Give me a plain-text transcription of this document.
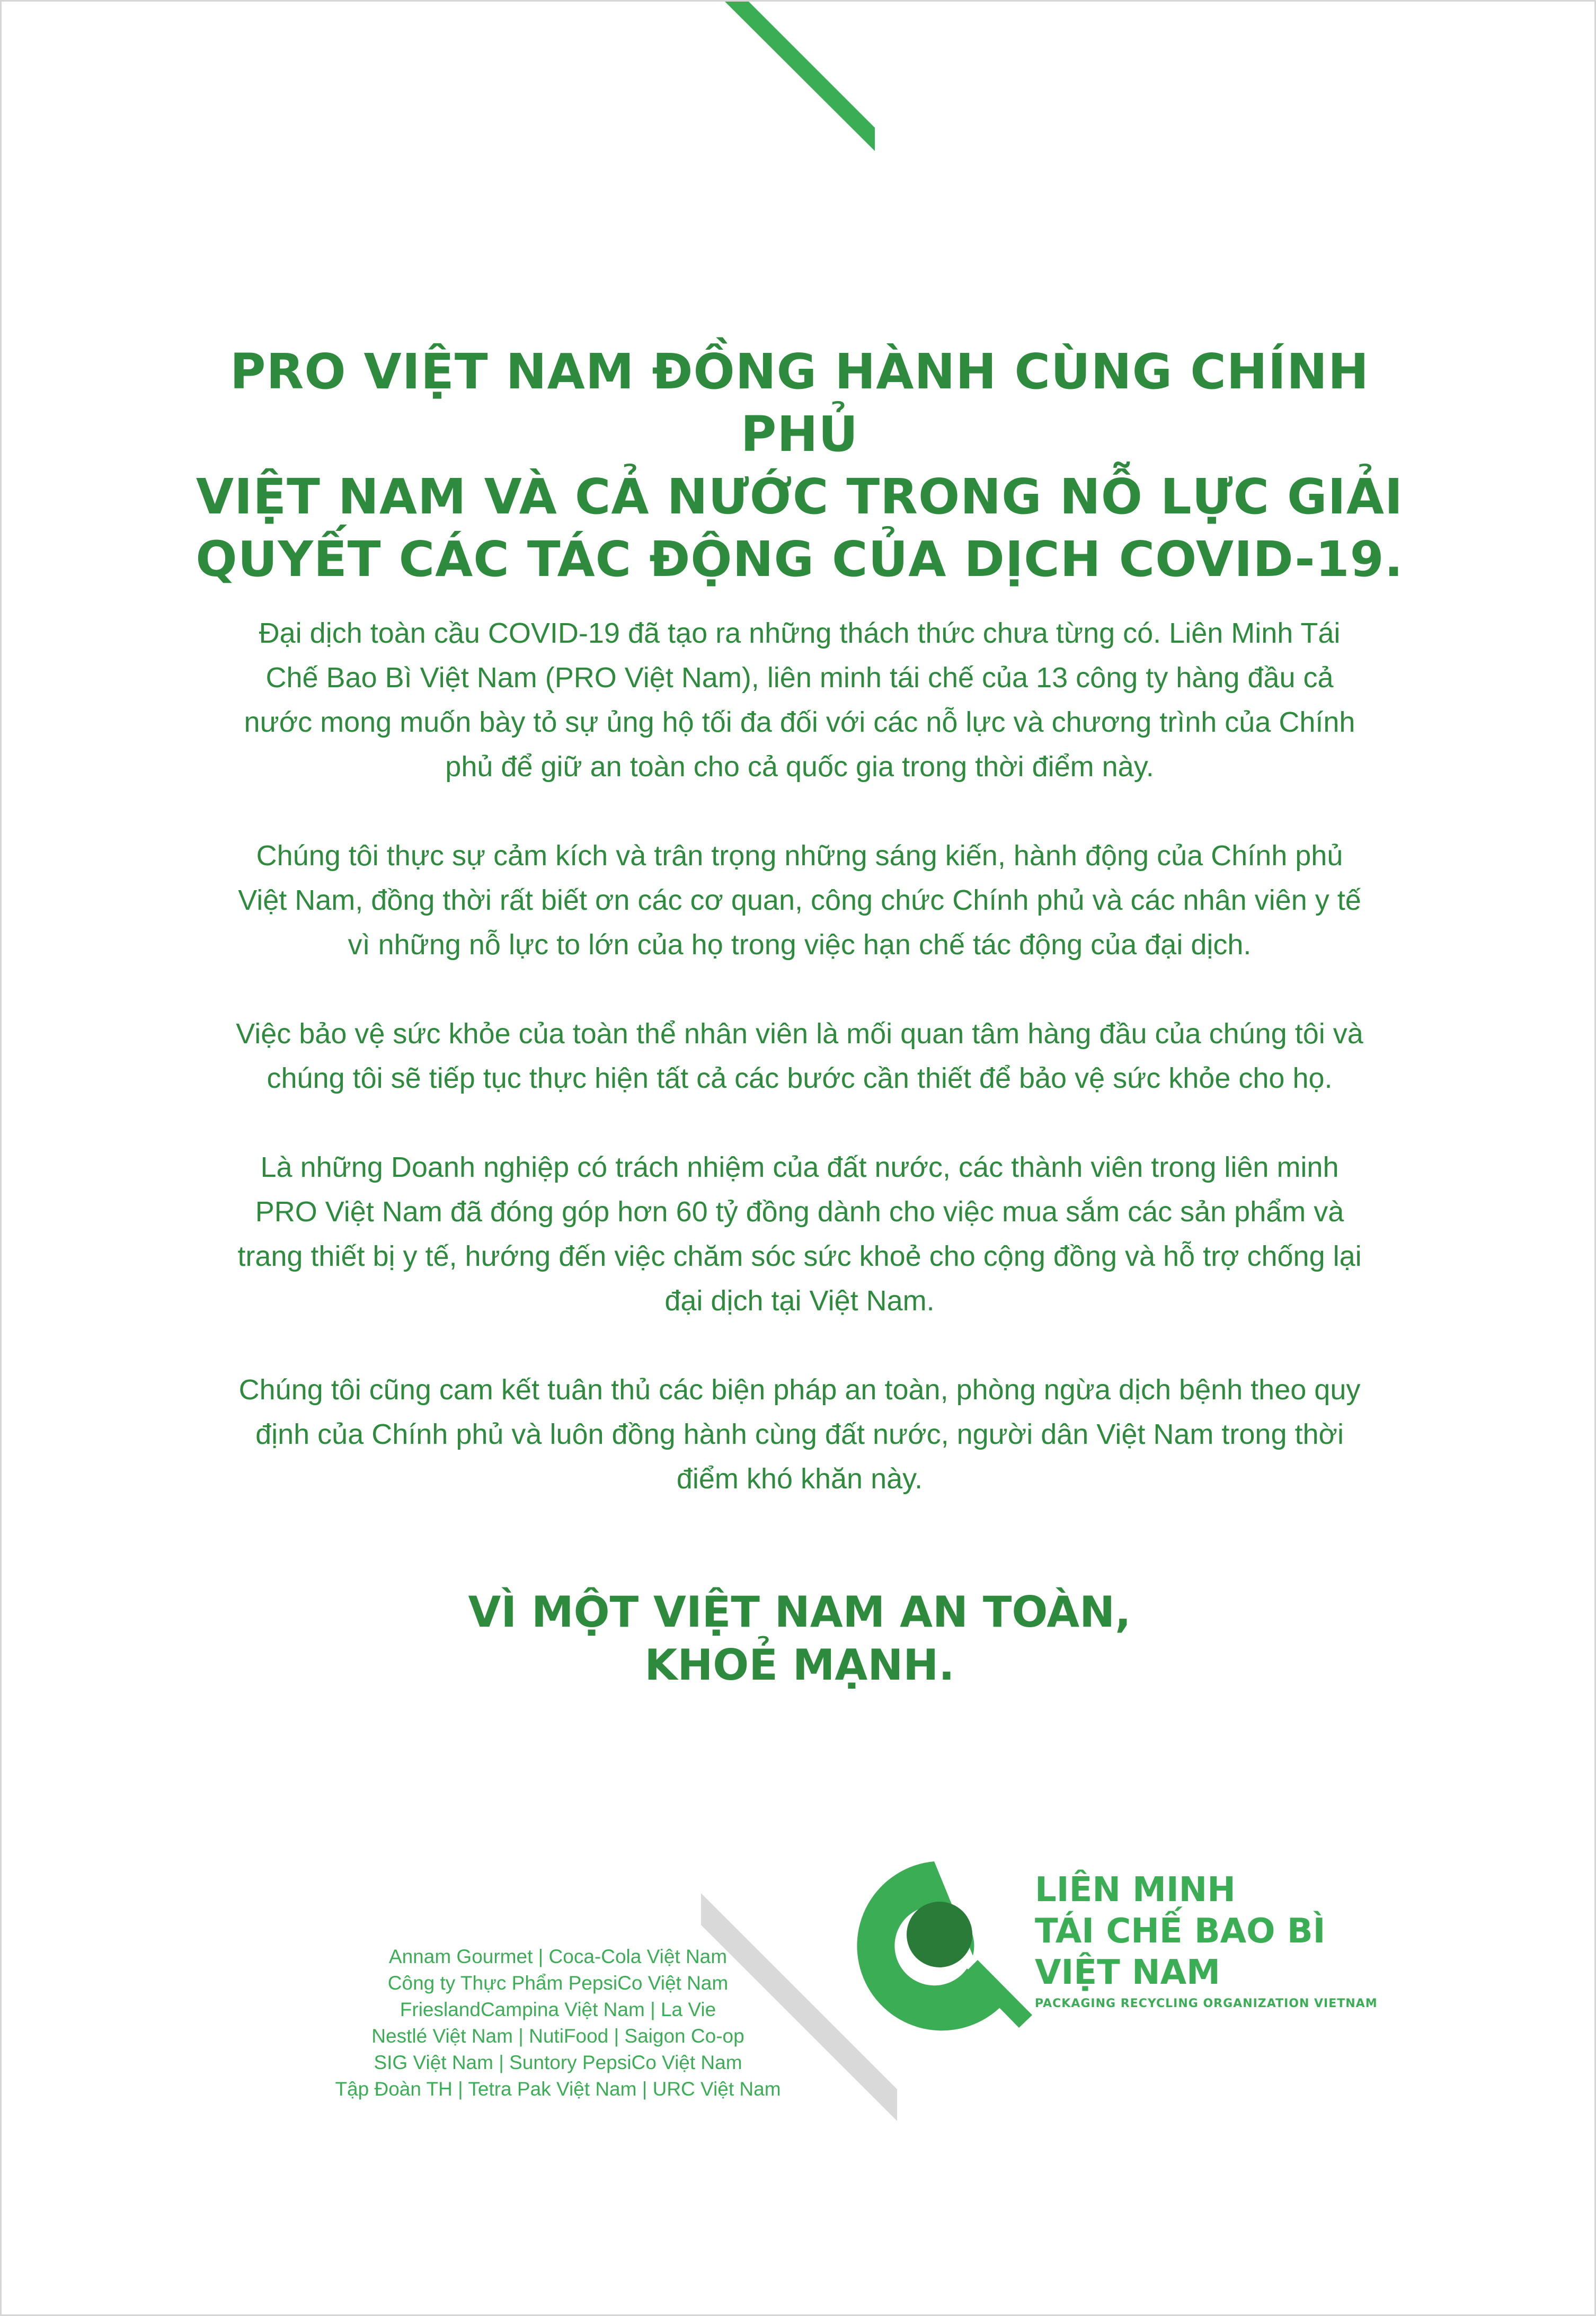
PRO VIỆT NAM ĐỒNG HÀNH CÙNG CHÍNH PHỦ
VIỆT NAM VÀ CẢ NƯỚC TRONG NỖ LỰC GIẢI
QUYẾT CÁC TÁC ĐỘNG CỦA DỊCH COVID-19.

Đại dịch toàn cầu COVID-19 đã tạo ra những thách thức chưa từng có. Liên Minh Tái Chế Bao Bì Việt Nam (PRO Việt Nam), liên minh tái chế của 13 công ty hàng đầu cả nước mong muốn bày tỏ sự ủng hộ tối đa đối với các nỗ lực và chương trình của Chính phủ để giữ an toàn cho cả quốc gia trong thời điểm này.

Chúng tôi thực sự cảm kích và trân trọng những sáng kiến, hành động của Chính phủ Việt Nam, đồng thời rất biết ơn các cơ quan, công chức Chính phủ và các nhân viên y tế vì những nỗ lực to lớn của họ trong việc hạn chế tác động của đại dịch.

Việc bảo vệ sức khỏe của toàn thể nhân viên là mối quan tâm hàng đầu của chúng tôi và chúng tôi sẽ tiếp tục thực hiện tất cả các bước cần thiết để bảo vệ sức khỏe cho họ.

Là những Doanh nghiệp có trách nhiệm của đất nước, các thành viên trong liên minh PRO Việt Nam đã đóng góp hơn 60 tỷ đồng dành cho việc mua sắm các sản phẩm và trang thiết bị y tế, hướng đến việc chăm sóc sức khoẻ cho cộng đồng và hỗ trợ chống lại đại dịch tại Việt Nam.

Chúng tôi cũng cam kết tuân thủ các biện pháp an toàn, phòng ngừa dịch bệnh theo quy định của Chính phủ và luôn đồng hành cùng đất nước, người dân Việt Nam trong thời điểm khó khăn này.

VÌ MỘT VIỆT NAM AN TOÀN,
KHOẺ MẠNH.
Annam Gourmet | Coca-Cola Việt Nam
Công ty Thực Phẩm PepsiCo Việt Nam
FrieslandCampina Việt Nam | La Vie
Nestlé Việt Nam | NutiFood | Saigon Co-op
SIG Việt Nam | Suntory PepsiCo Việt Nam
Tập Đoàn TH | Tetra Pak Việt Nam | URC Việt Nam
LIÊN MINH
TÁI CHẾ BAO BÌ
VIỆT NAM
PACKAGING RECYCLING ORGANIZATION VIETNAM
